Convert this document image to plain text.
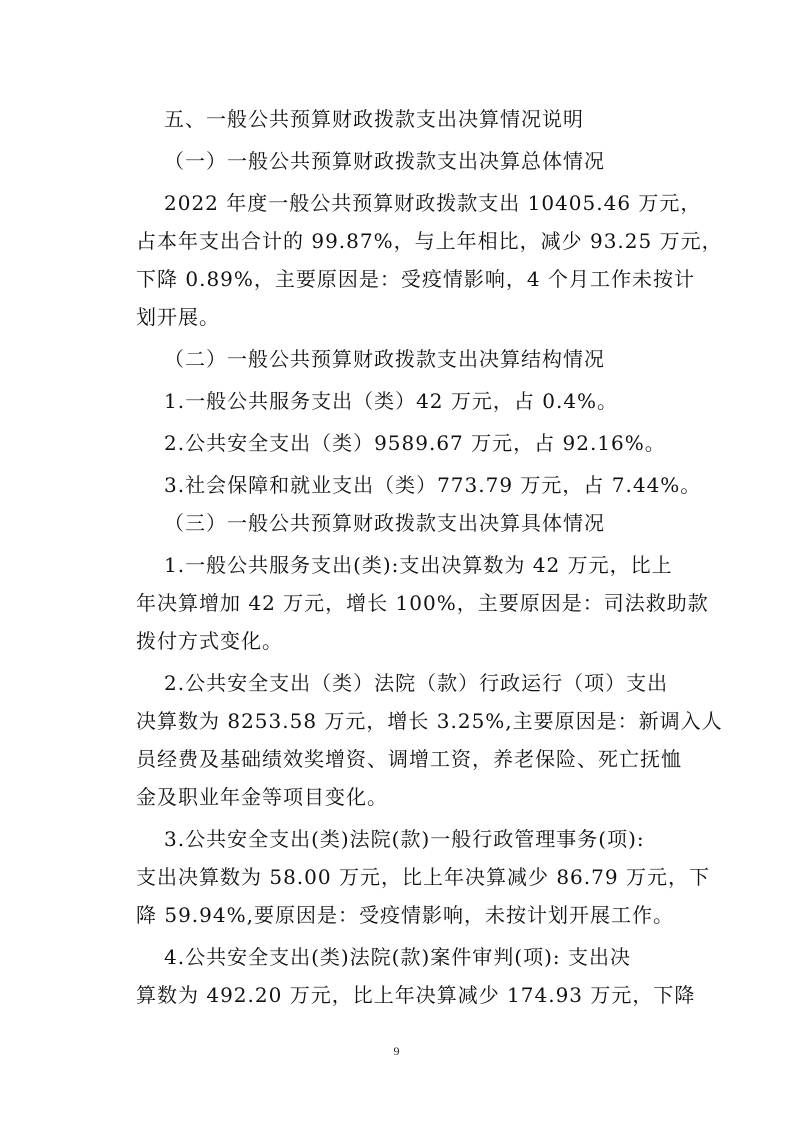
五、一般公共预算财政拨款支出决算情况说明
（一）一般公共预算财政拨款支出决算总体情况
2022 年度一般公共预算财政拨款支出 10405.46 万元，
占本年支出合计的 99.87%，与上年相比，减少 93.25 万元，
下降 0.89%，主要原因是：受疫情影响，4 个月工作未按计
划开展。
（二）一般公共预算财政拨款支出决算结构情况
1.一般公共服务支出（类）42 万元，占 0.4%。
2.公共安全支出（类）9589.67 万元，占 92.16%。
3.社会保障和就业支出（类）773.79 万元，占 7.44%。
（三）一般公共预算财政拨款支出决算具体情况
1.一般公共服务支出(类):支出决算数为 42 万元，比上
年决算增加 42 万元，增长 100%，主要原因是：司法救助款
拨付方式变化。
2.公共安全支出（类）法院（款）行政运行（项）支出
决算数为 8253.58 万元，增长 3.25%,主要原因是：新调入人
员经费及基础绩效奖增资、调增工资，养老保险、死亡抚恤
金及职业年金等项目变化。
3.公共安全支出(类)法院(款)一般行政管理事务(项):
支出决算数为 58.00 万元，比上年决算减少 86.79 万元，下
降 59.94%,要原因是：受疫情影响，未按计划开展工作。
4.公共安全支出(类)法院(款)案件审判(项): 支出决
算数为 492.20 万元，比上年决算减少 174.93 万元，下降
9
